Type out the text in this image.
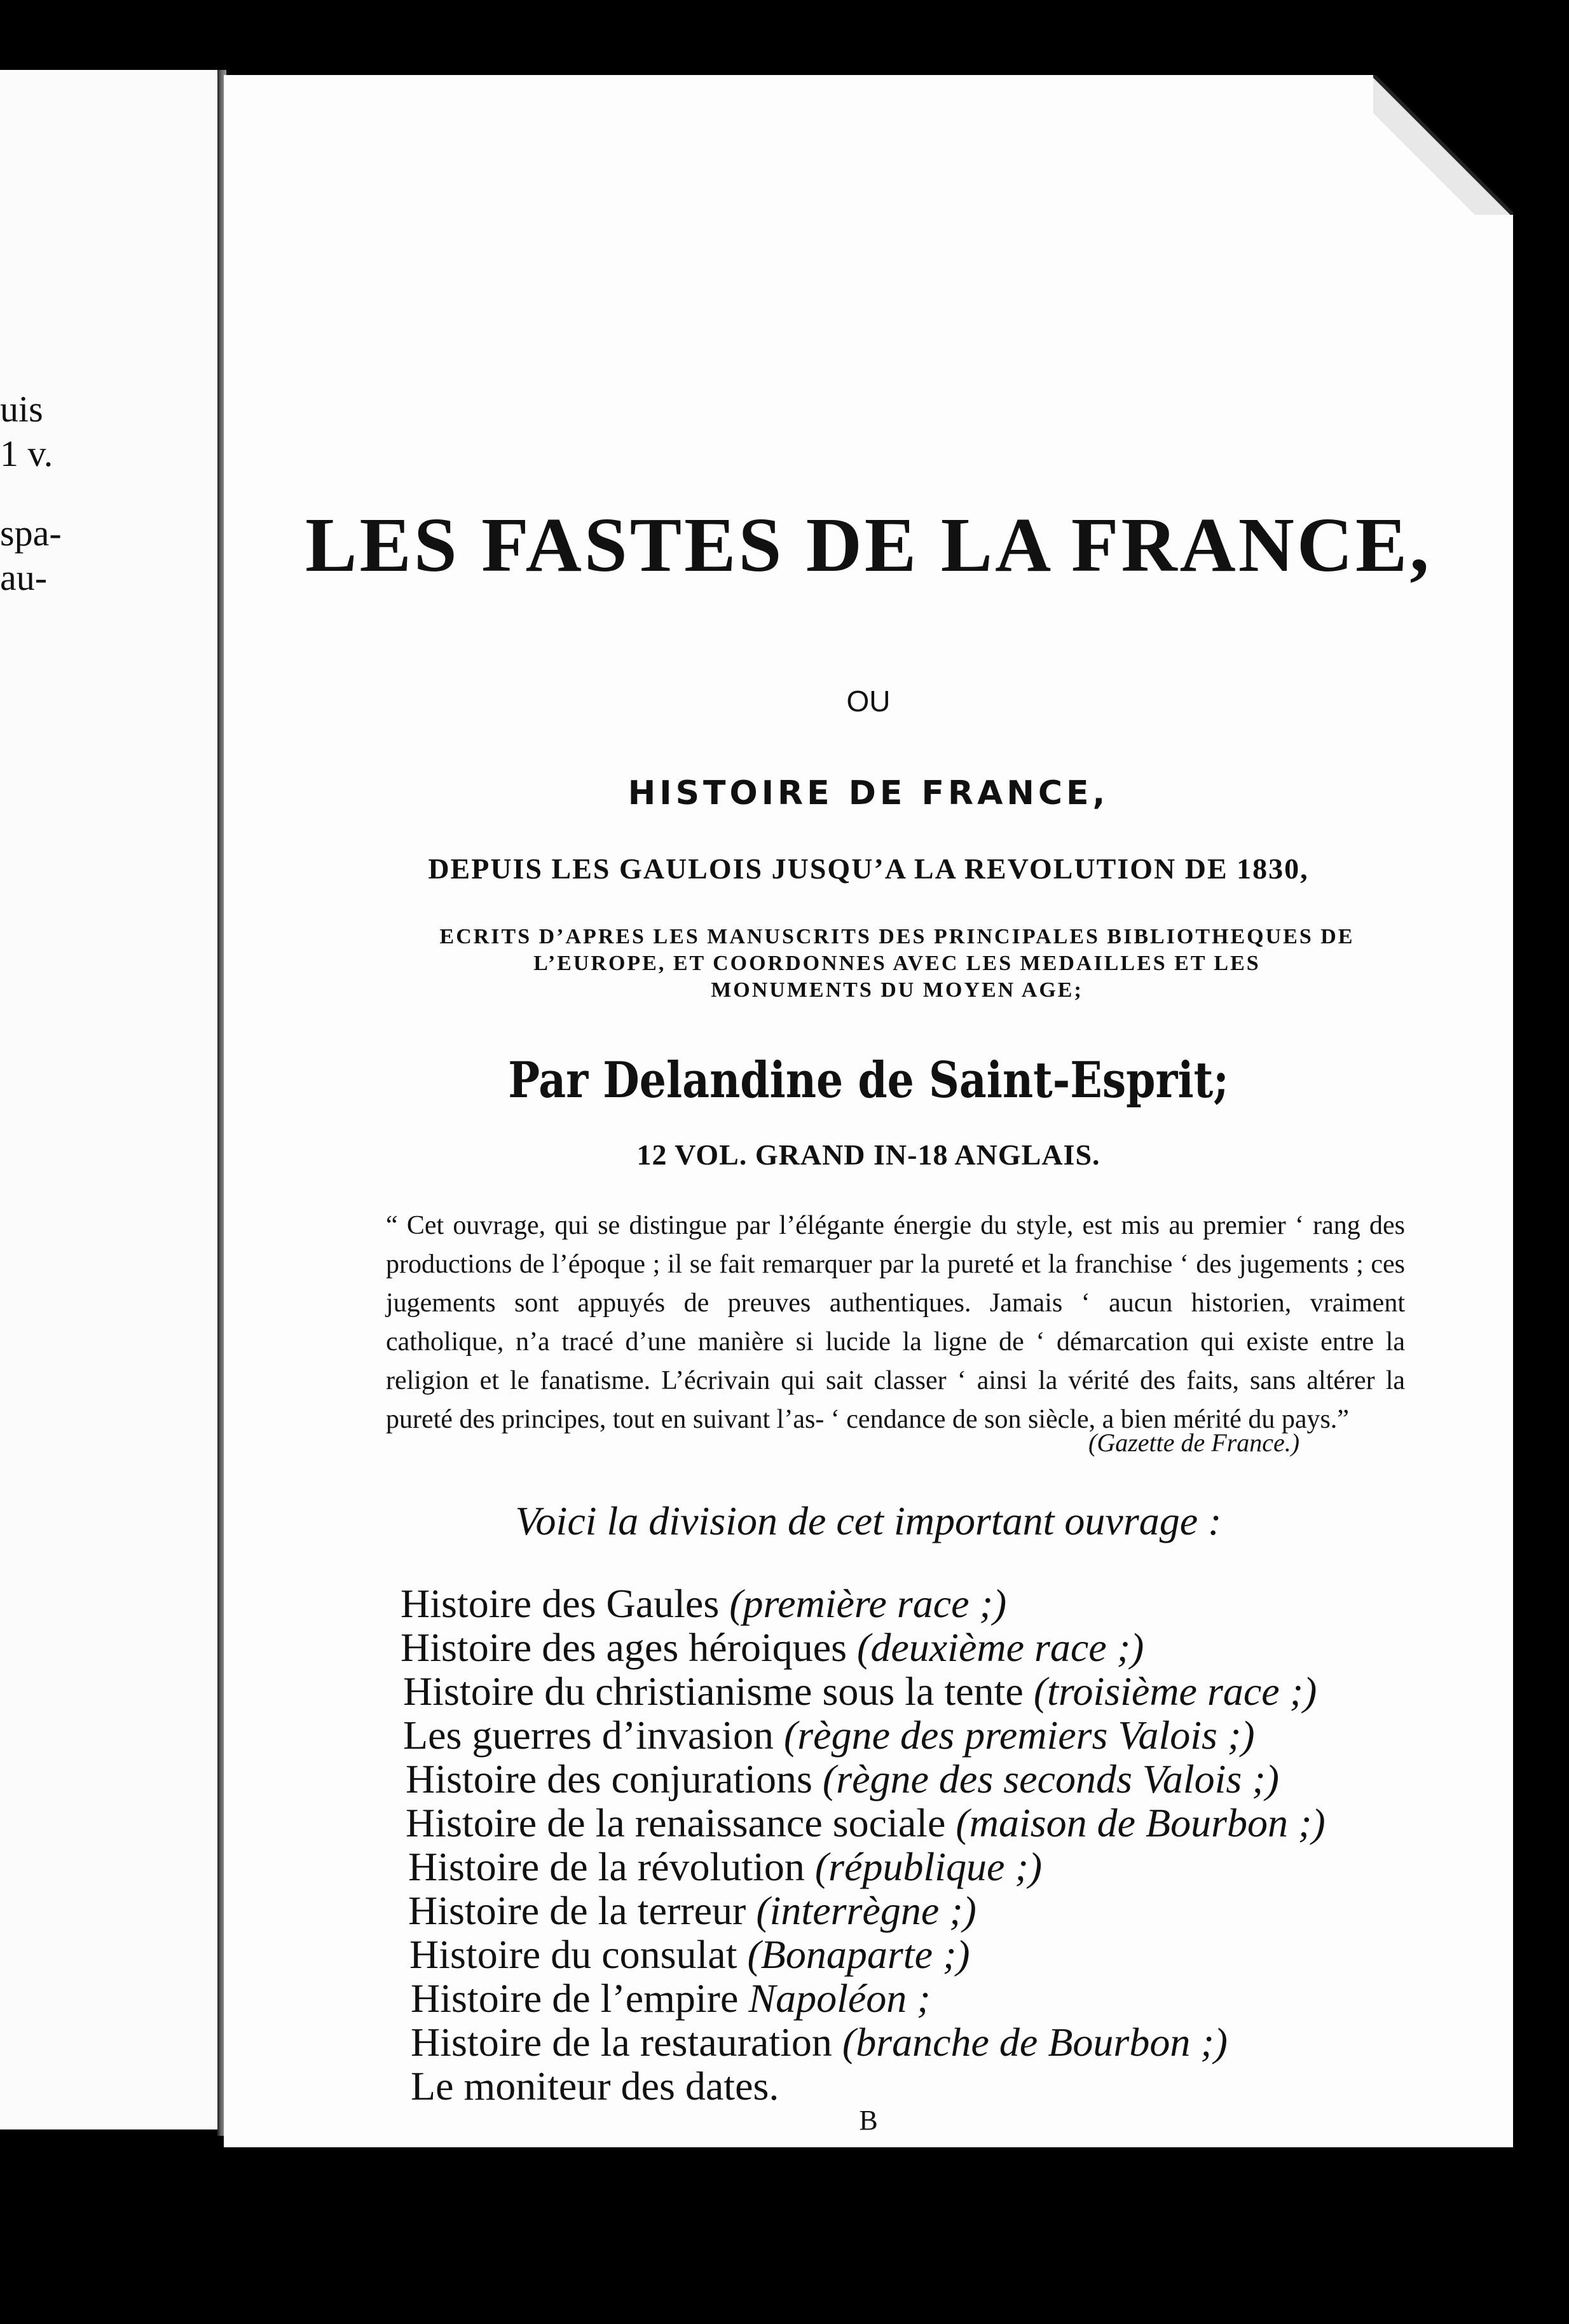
uis
1 v.
spa-
au-	LES FASTES DE LA FRANCE,
OU
HISTOIRE DE FRANCE,
DEPUIS LES GAULOIS JUSQU’A LA REVOLUTION DE 1830,
ECRITS D’APRES LES MANUSCRITS DES PRINCIPALES BIBLIOTHEQUES DE
L’EUROPE, ET COORDONNES AVEC LES MEDAILLES ET LES
MONUMENTS DU MOYEN AGE;
Par Delandine de Saint-Esprit;
12 VOL. GRAND IN-18 ANGLAIS.
“ Cet ouvrage, qui se distingue par l’élégante énergie du style, est mis au premier ‘ rang des productions de l’époque ; il se fait remarquer par la pureté et la franchise ‘ des jugements ; ces jugements sont appuyés de preuves authentiques. Jamais ‘ aucun historien, vraiment catholique, n’a tracé d’une manière si lucide la ligne de ‘ démarcation qui existe entre la religion et le fanatisme. L’écrivain qui sait classer ‘ ainsi la vérité des faits, sans altérer la pureté des principes, tout en suivant l’as- ‘ cendance de son siècle, a bien mérité du pays.”
(Gazette de France.)
Voici la division de cet important ouvrage :
Histoire des Gaules (première race ;)
Histoire des ages héroiques (deuxième race ;)
Histoire du christianisme sous la tente (troisième race ;)
Les guerres d’invasion (règne des premiers Valois ;)
Histoire des conjurations (règne des seconds Valois ;)
Histoire de la renaissance sociale (maison de Bourbon ;)
Histoire de la révolution (république ;)
Histoire de la terreur (interrègne ;)
Histoire du consulat (Bonaparte ;)
Histoire de l’empire Napoléon ;
Histoire de la restauration (branche de Bourbon ;)
Le moniteur des dates.
B
